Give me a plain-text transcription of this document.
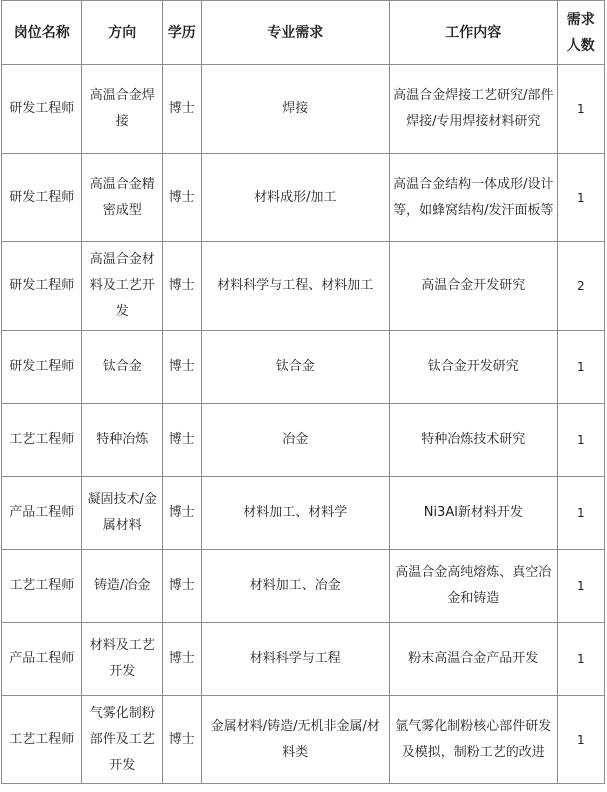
岗位名称	方向	学历	专业需求	工作内容	需求人数
研发工程师	高温合金焊接	博士	焊接	高温合金焊接工艺研究/部件焊接/专用焊接材料研究	1
研发工程师	高温合金精密成型	博士	材料成形/加工	高温合金结构一体成形/设计等，如蜂窝结构/发汗面板等	1
研发工程师	高温合金材料及工艺开发	博士	材料科学与工程、材料加工	高温合金开发研究	2
研发工程师	钛合金	博士	钛合金	钛合金开发研究	1
工艺工程师	特种冶炼	博士	冶金	特种冶炼技术研究	1
产品工程师	凝固技术/金属材料	博士	材料加工、材料学	Ni3Al新材料开发	1
工艺工程师	铸造/冶金	博士	材料加工、冶金	高温合金高纯熔炼、真空冶金和铸造	1
产品工程师	材料及工艺开发	博士	材料科学与工程	粉末高温合金产品开发	1
工艺工程师	气雾化制粉部件及工艺开发	博士	金属材料/铸造/无机非金属/材料类	氩气雾化制粉核心部件研发及模拟，制粉工艺的改进	1
